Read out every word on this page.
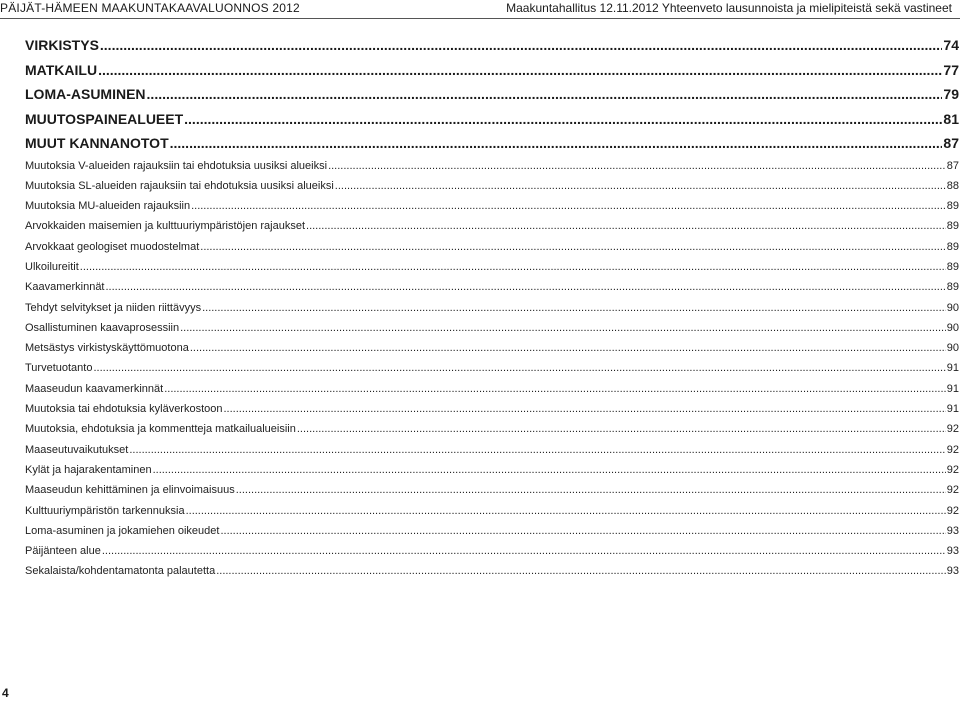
PÄIJÄT-HÄMEEN MAAKUNTAKAAVALUONNOS 2012	Maakuntahallitus 12.11.2012 Yhteenveto lausunnoista ja mielipiteistä sekä vastineet
VIRKISTYS .....	74
MATKAILU .....	77
LOMA-ASUMINEN .....	79
MUUTOSPAINEALUEET .....	81
MUUT KANNANOTOT .....	87
Muutoksia V-alueiden rajauksiin tai ehdotuksia uusiksi alueiksi .....	87
Muutoksia SL-alueiden rajauksiin tai ehdotuksia uusiksi alueiksi .....	88
Muutoksia MU-alueiden rajauksiin .....	89
Arvokkaiden maisemien ja kulttuuriympäristöjen rajaukset .....	89
Arvokkaat geologiset muodostelmat .....	89
Ulkoilureitit .....	89
Kaavamerkinnät .....	89
Tehdyt selvitykset ja niiden riittävyys .....	90
Osallistuminen kaavaprosessiin .....	90
Metsästys virkistyskäyttömuotona .....	90
Turvetuotanto .....	91
Maaseudun kaavamerkinnät .....	91
Muutoksia tai ehdotuksia kyläverkostoon .....	91
Muutoksia, ehdotuksia ja kommentteja matkailualueisiin .....	92
Maaseutuvaikutukset .....	92
Kylät ja hajarakentaminen .....	92
Maaseudun kehittäminen ja elinvoimaisuus .....	92
Kulttuuriympäristön tarkennuksia .....	92
Loma-asuminen ja jokamiehen oikeudet .....	93
Päijänteen alue .....	93
Sekalaista/kohdentamatonta palautetta .....	93
4
